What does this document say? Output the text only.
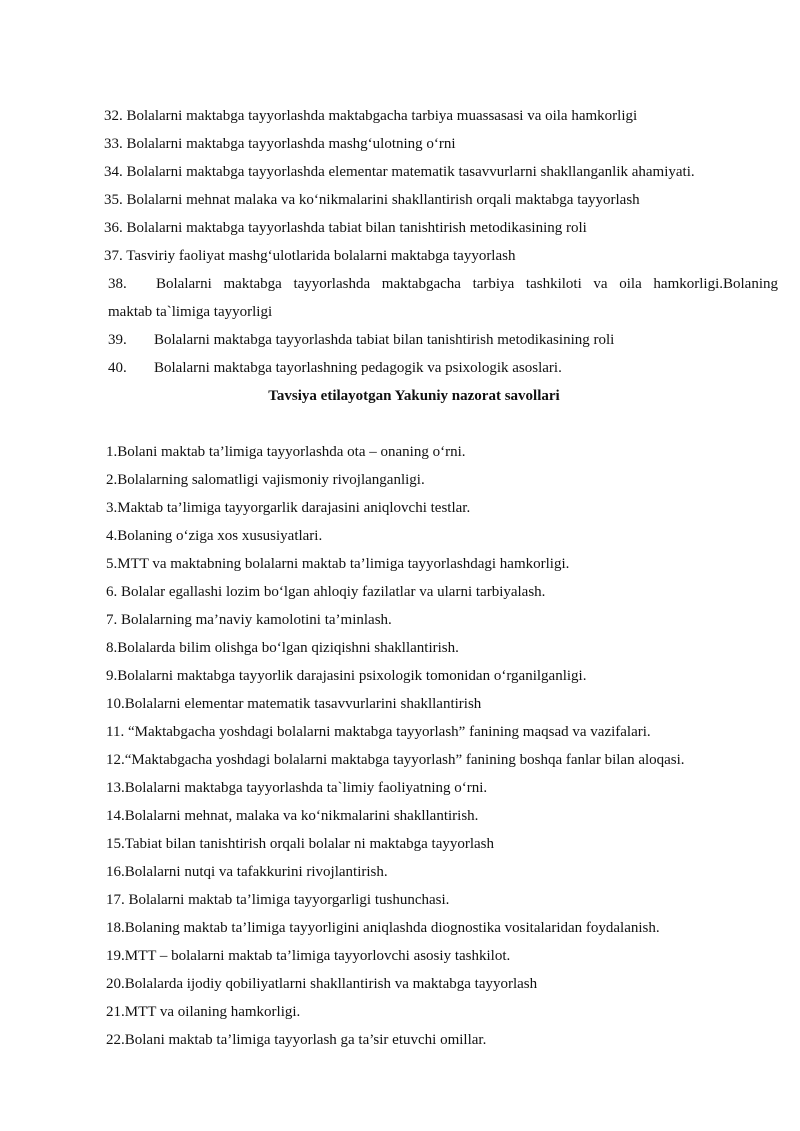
32. Bolalarni maktabga tayyorlashda maktabgacha tarbiya muassasasi va oila hamkorligi
33. Bolalarni maktabga tayyorlashda mashg‘ulotning o‘rni
34. Bolalarni maktabga tayyorlashda elementar matematik tasavvurlarni shakllanganlik ahamiyati.
35. Bolalarni mehnat malaka va ko‘nikmalarini shakllantirish orqali maktabga tayyorlash
36. Bolalarni maktabga tayyorlashda tabiat bilan tanishtirish metodikasining roli
37. Tasviriy faoliyat mashg‘ulotlarida bolalarni maktabga tayyorlash
38.	Bolalarni maktabga tayyorlashda maktabgacha tarbiya tashkiloti va oila hamkorligi.Bolaning
maktab ta`limiga tayyorligi
39. Bolalarni maktabga tayyorlashda tabiat bilan tanishtirish metodikasining roli
40. Bolalarni maktabga tayorlashning pedagogik va psixologik asoslari.
Tavsiya etilayotgan Yakuniy nazorat savollari
1.Bolani maktab ta’limiga tayyorlashda ota – onaning o‘rni.
2.Bolalarning salomatligi vajismoniy rivojlanganligi.
3.Maktab ta’limiga tayyorgarlik darajasini aniqlovchi testlar.
4.Bolaning o‘ziga xos xususiyatlari.
5.MTT va maktabning bolalarni maktab ta’limiga tayyorlashdagi hamkorligi.
6. Bolalar egallashi lozim bo‘lgan ahloqiy fazilatlar va ularni tarbiyalash.
7. Bolalarning ma’naviy kamolotini ta’minlash.
8.Bolalarda bilim olishga bo‘lgan qiziqishni shakllantirish.
9.Bolalarni maktabga tayyorlik darajasini psixologik tomonidan o‘rganilganligi.
10.Bolalarni elementar matematik tasavvurlarini shakllantirish
11. “Maktabgacha yoshdagi bolalarni maktabga tayyorlash” fanining maqsad va vazifalari.
12.“Maktabgacha yoshdagi bolalarni maktabga tayyorlash” fanining boshqa fanlar bilan aloqasi.
13.Bolalarni maktabga tayyorlashda ta`limiy faoliyatning o‘rni.
14.Bolalarni mehnat, malaka va ko‘nikmalarini shakllantirish.
15.Tabiat bilan tanishtirish orqali bolalar ni maktabga tayyorlash
16.Bolalarni nutqi va tafakkurini rivojlantirish.
17. Bolalarni maktab ta’limiga tayyorgarligi tushunchasi.
18.Bolaning maktab ta’limiga tayyorligini aniqlashda diognostika vositalaridan foydalanish.
19.MTT – bolalarni maktab ta’limiga tayyorlovchi asosiy tashkilot.
20.Bolalarda ijodiy qobiliyatlarni shakllantirish va maktabga tayyorlash
21.MTT va oilaning hamkorligi.
22.Bolani maktab ta’limiga tayyorlash ga ta’sir etuvchi omillar.
